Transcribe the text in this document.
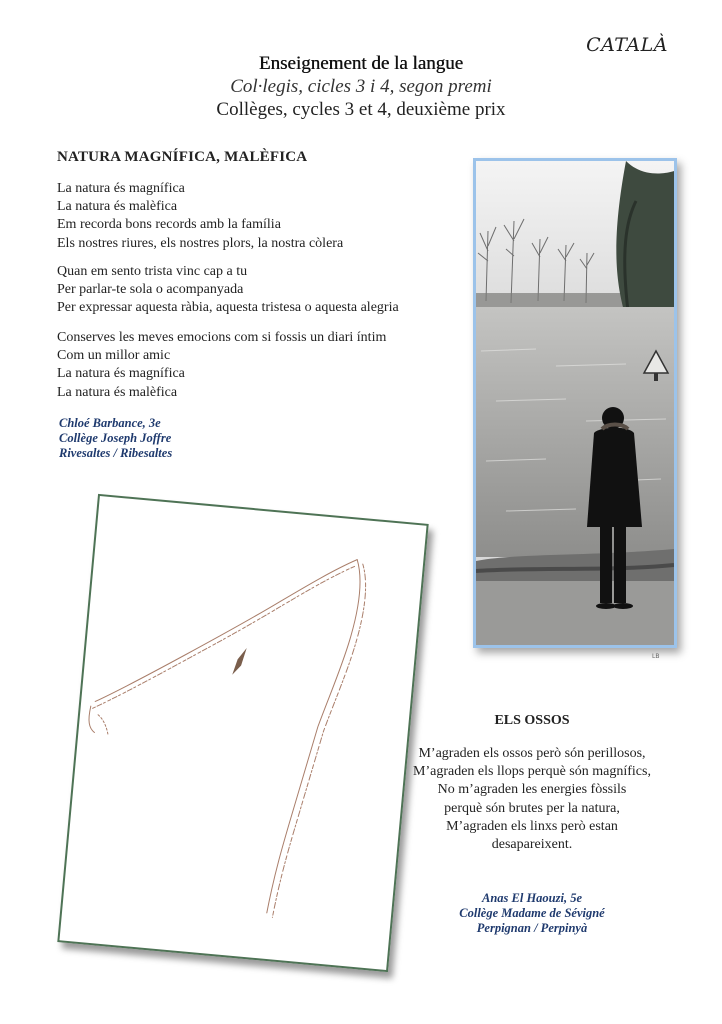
CATALÀ
Enseignement de la langue
Col·legis, cicles 3 i 4, segon premi
Collèges, cycles 3 et 4, deuxième prix
NATURA MAGNÍFICA, MALÈFICA
La natura és magnífica
La natura és malèfica
Em recorda bons records amb la família
Els nostres riures, els nostres plors, la nostra còlera
Quan em sento trista vinc cap a tu
Per parlar-te sola o acompanyada
Per expressar aquesta ràbia, aquesta tristesa o aquesta alegria
Conserves les meves emocions com si fossis un diari íntim
Com un millor amic
La natura és magnífica
La natura és malèfica
Chloé Barbance, 3e
Collège Joseph Joffre
Rivesaltes / Ribesaltes
LB
ELS OSSOS
M’agraden els ossos però són perillosos,
M’agraden els llops perquè són magnífics,
No m’agraden les energies fòssils
perquè són brutes per la natura,
M’agraden els linxs però estan
desapareixent.
Anas El Haouzi, 5e
Collège Madame de Sévigné
Perpignan / Perpinyà
